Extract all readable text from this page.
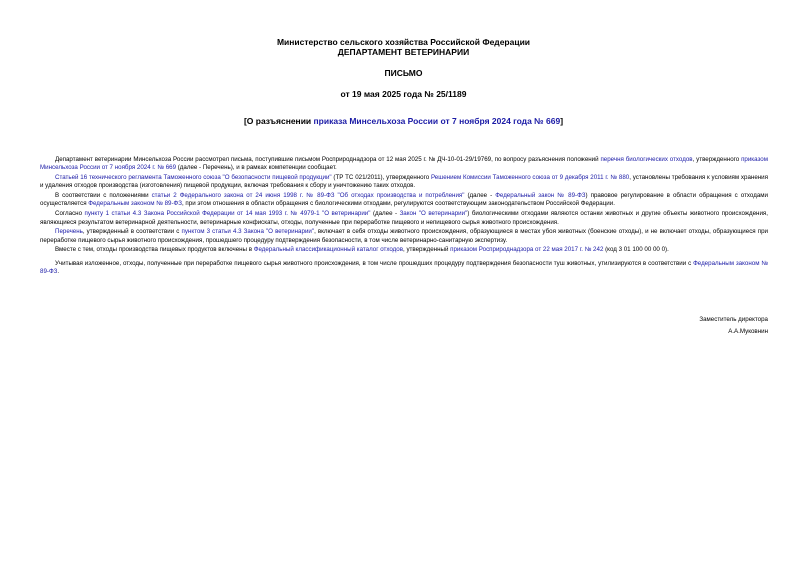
Министерство сельского хозяйства Российской Федерации
ДЕПАРТАМЕНТ ВЕТЕРИНАРИИ
ПИСЬМО
от 19 мая 2025 года № 25/1189
[О разъяснении приказа Минсельхоза России от 7 ноября 2024 года № 669]

Департамент ветеринарии Минсельхоза России рассмотрел письма, поступившие письмом Росприроднадзора от 12 мая 2025 г. № ДЧ-10-01-29/19769, по вопросу разъяснения положений перечня биологических отходов, утвержденного приказом Минсельхоза России от 7 ноября 2024 г. № 669 (далее - Перечень), и в рамках компетенции сообщает.

Статьей 16 технического регламента Таможенного союза "О безопасности пищевой продукции" (ТР ТС 021/2011), утвержденного Решением Комиссии Таможенного союза от 9 декабря 2011 г. № 880, установлены требования к условиям хранения и удаления отходов производства (изготовления) пищевой продукции, включая требования к сбору и уничтожению таких отходов.

В соответствии с положениями статьи 2 Федерального закона от 24 июня 1998 г. № 89-ФЗ "Об отходах производства и потребления" (далее - Федеральный закон № 89-ФЗ) правовое регулирование в области обращения с отходами осуществляется Федеральным законом № 89-ФЗ, при этом отношения в области обращения с биологическими отходами, регулируются соответствующим законодательством Российской Федерации.

Согласно пункту 1 статьи 4.3 Закона Российской Федерации от 14 мая 1993 г. № 4979-1 "О ветеринарии" (далее - Закон "О ветеринарии") биологическими отходами являются останки животных и другие объекты животного происхождения, являющиеся результатом ветеринарной деятельности, ветеринарные конфискаты, отходы, полученные при переработке пищевого и непищевого сырья животного происхождения.

Перечень, утвержденный в соответствии с пунктом 3 статьи 4.3 Закона "О ветеринарии", включает в себя отходы животного происхождения, образующиеся в местах убоя животных (боенские отходы), и не включает отходы, образующиеся при переработке пищевого сырья животного происхождения, прошедшего процедуру подтверждения безопасности, в том числе ветеринарно-санитарную экспертизу.

Вместе с тем, отходы производства пищевых продуктов включены в Федеральный классификационный каталог отходов, утвержденный приказом Росприроднадзора от 22 мая 2017 г. № 242 (код 3 01 100 00 00 0).

Учитывая изложенное, отходы, полученные при переработке пищевого сырья животного происхождения, в том числе прошедших процедуру подтверждения безопасности туш животных, утилизируются в соответствии с Федеральным законом № 89-ФЗ.

Заместитель директора
А.А.Муковнин
